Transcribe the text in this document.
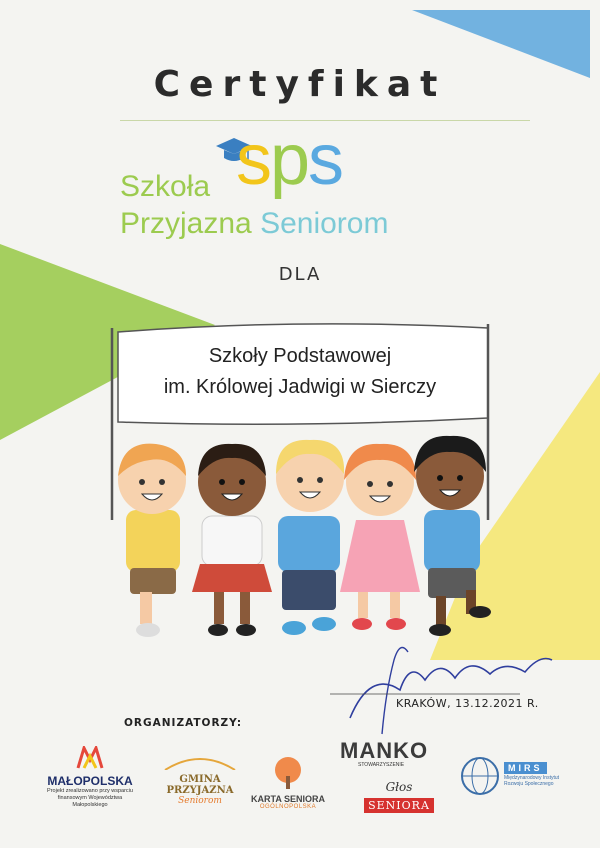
Certyfikat
sps
Szkoła
Przyjazna Seniorom
DLA
Szkoły Podstawowej
im. Królowej Jadwigi w Sierczy
KRAKÓW, 13.12.2021 R.
ORGANIZATORZY:
MAŁOPOLSKA
Projekt zrealizowano przy wsparciu
finansowym Województwa
Małopolskiego
GMINA PRZYJAZNA
Seniorom	KARTA SENIORA
OGÓLNOPOLSKA
MANKO
STOWARZYSZENIE
Głos
SENIORA
MIRS
Międzynarodowy Instytut
Rozwoju Społecznego
